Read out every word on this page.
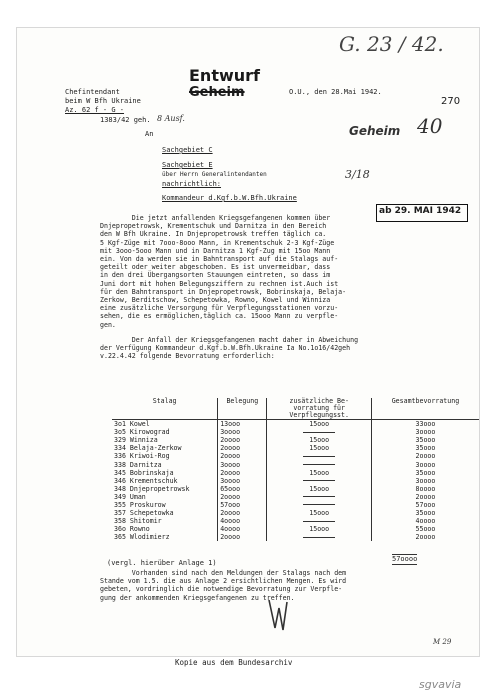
G. 23 / 42.
Entwurf
Geheim	O.U., den 28.Mai 1942.
270
Geheim 40
Chefintendant
beim W Bfh Ukraine
Az. 62 f - G -
1383/42 geh. 8 Ausf.
An
Sachgebiet C
Sachgebiet E
über Herrn Generalintendanten	3/18
nachrichtlich:
Kommandeur d.Kgf.b.W.Bfh.Ukraine
ab 29. MAI 1942
Die jetzt anfallenden Kriegsgefangenen kommen über
Dnjepropetrowsk, Krementschuk und Darnitza in den Bereich
den W Bfh Ukraine. In Dnjepropetrowsk treffen täglich ca.
5 Kgf-Züge mit 7ooo-8ooo Mann, in Krementschuk 2-3 Kgf-Züge
mit 3ooo-5ooo Mann und in Darnitza 1 Kgf-Zug mit 15oo Mann
ein. Von da werden sie in Bahntransport auf die Stalags auf-
geteilt oder weiter abgeschoben. Es ist unvermeidbar, dass
in den drei Übergangsorten Stauungen eintreten, so dass im
Juni dort mit hohen Belegungsziffern zu rechnen ist.Auch ist
für den Bahntransport in Dnjepropetrowsk, Bobrinskaja, Belaja-
Zerkow, Berditschow, Schepetowka, Rowno, Kowel und Winniza
eine zusätzliche Versorgung für Verpflegungsstationen vorzu-
sehen, die es ermöglichen,täglich ca. 15ooo Mann zu verpfle-
gen.
Der Anfall der Kriegsgefangenen macht daher in Abweichung
der Verfügung Kommandeur d.Kgf.b.W.Bfh.Ukraine Ia No.1o16/42geh
v.22.4.42 folgende Bevorratung erforderlich:
Stalag	Belegung	zusätzliche Be-
vorratung für
Verpflegungsst.	Gesamtbevorratung
3o1 Kowel	13ooo	15ooo	33ooo
3o5 Kirowograd	3oooo		3oooo
329 Winniza	2oooo	15ooo	35ooo
334 Belaja-Zerkow	2oooo	15ooo	35ooo
336 Kriwoi-Rog	2oooo		2oooo
338 Darnitza	3oooo		3oooo
345 Bobrinskaja	2oooo	15ooo	35ooo
346 Krementschuk	3oooo		3oooo
348 Dnjepropetrowsk	65ooo	15ooo	8oooo
349 Uman	2oooo		2oooo
355 Proskurow	57ooo		57ooo
357 Schepetowka	2oooo	15ooo	35ooo
358 Shitomir	4oooo		4oooo
36o Rowno	4oooo	15ooo	55ooo
365 Wlodimierz	2oooo		2oooo
57oooo
(vergl. hierüber Anlage 1)
Vorhanden sind nach den Meldungen der Stalags nach dem
Stande vom 1.5. die aus Anlage 2 ersichtlichen Mengen. Es wird
gebeten, vordringlich die notwendige Bevorratung zur Verpfle-
gung der ankommenden Kriegsgefangenen zu treffen.
M 29
Kopie aus dem Bundesarchiv
sgvavia
